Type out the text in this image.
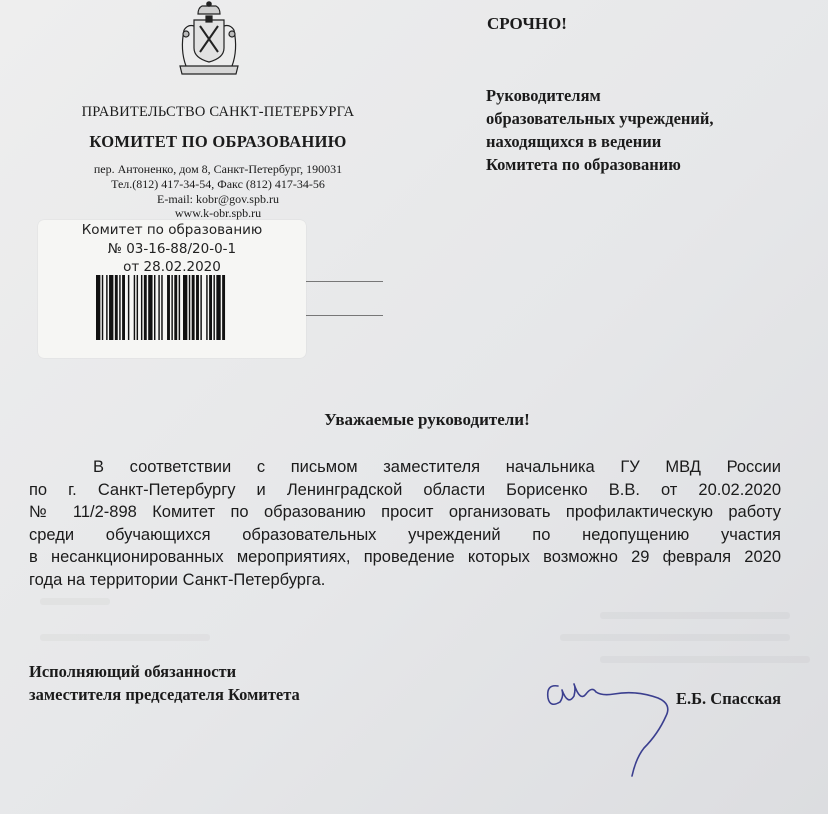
ПРАВИТЕЛЬСТВО САНКТ-ПЕТЕРБУРГА
КОМИТЕТ ПО ОБРАЗОВАНИЮ
пер. Антоненко, дом 8, Санкт-Петербург, 190031
Тел.(812) 417-34-54, Факс (812) 417-34-56
E-mail: kobr@gov.spb.ru
www.k-obr.spb.ru
Комитет по образованию
№ 03-16-88/20-0-1
от 28.02.2020
СРОЧНО!
Руководителям
образовательных учреждений,
находящихся в ведении
Комитета по образованию
Уважаемые руководители!
В соответствии с письмом заместителя начальника ГУ МВД России
по г. Санкт-Петербургу и Ленинградской области Борисенко В.В. от 20.02.2020
№ 11/2-898 Комитет по образованию просит организовать профилактическую работу
среди обучающихся образовательных учреждений по недопущению участия
в несанкционированных мероприятиях, проведение которых возможно 29 февраля 2020
года на территории Санкт-Петербурга.
Исполняющий обязанности
заместителя председателя Комитета	Е.Б. Спасская
